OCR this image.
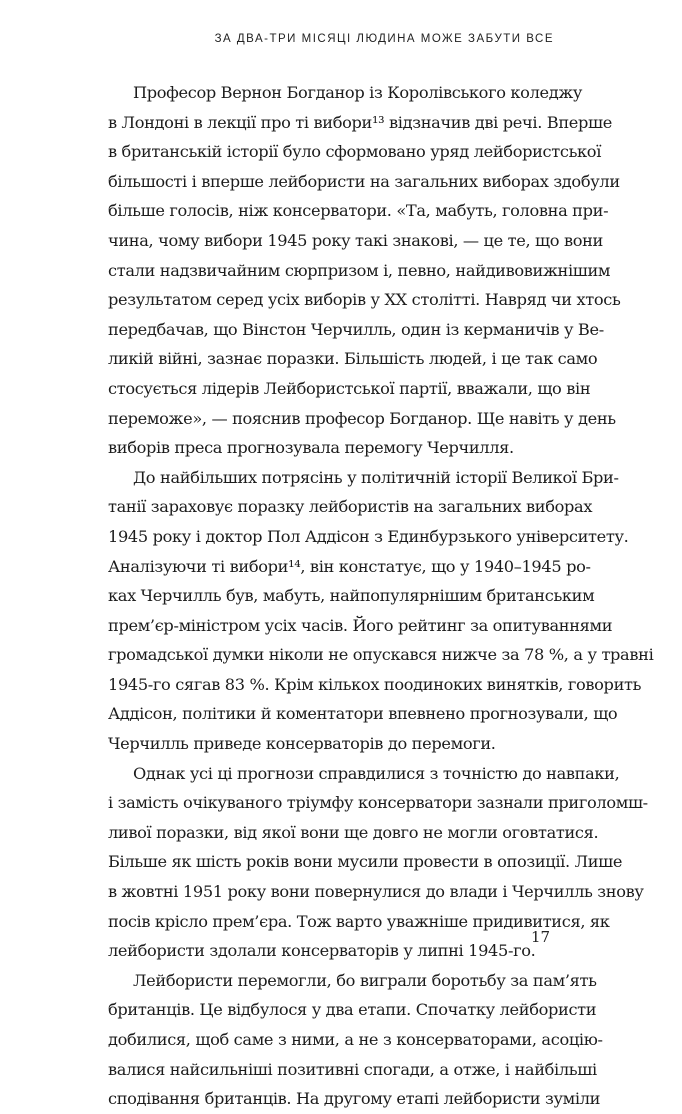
ЗА ДВА-ТРИ МІСЯЦІ ЛЮДИНА МОЖЕ ЗАБУТИ ВСЕ
Професор Вернон Богданор із Королівського коледжу
в Лондоні в лекції про ті вибори¹³ відзначив дві речі. Вперше
в британській історії було сформовано уряд лейбористської
більшості і вперше лейбористи на загальних виборах здобули
більше голосів, ніж консерватори. «Та, мабуть, головна при-
чина, чому вибори 1945 року такі знакові, — це те, що вони
стали надзвичайним сюрпризом і, певно, найдивовижнішим
результатом серед усіх виборів у XX столітті. Навряд чи хтось
передбачав, що Вінстон Черчилль, один із керманичів у Ве-
ликій війні, зазнає поразки. Більшість людей, і це так само
стосується лідерів Лейбористської партії, вважали, що він
переможе», — пояснив професор Богданор. Ще навіть у день
виборів преса прогнозувала перемогу Черчилля.
До найбільших потрясінь у політичній історії Великої Бри-
танії зараховує поразку лейбористів на загальних виборах
1945 року і доктор Пол Аддісон з Единбурзького університету.
Аналізуючи ті вибори¹⁴, він констатує, що у 1940–1945 ро-
ках Черчилль був, мабуть, найпопулярнішим британським
прем’єр-міністром усіх часів. Його рейтинг за опитуваннями
громадської думки ніколи не опускався нижче за 78 %, а у травні
1945-го сягав 83 %. Крім кількох поодиноких винятків, говорить
Аддісон, політики й коментатори впевнено прогнозували, що
Черчилль приведе консерваторів до перемоги.
Однак усі ці прогнози справдилися з точністю до навпаки,
і замість очікуваного тріумфу консерватори зазнали приголомш-
ливої поразки, від якої вони ще довго не могли оговтатися.
Більше як шість років вони мусили провести в опозиції. Лише
в жовтні 1951 року вони повернулися до влади і Черчилль знову
посів крісло прем’єра. Тож варто уважніше придивитися, як
лейбористи здолали консерваторів у липні 1945-го.
Лейбористи перемогли, бо виграли боротьбу за пам’ять
британців. Це відбулося у два етапи. Спочатку лейбористи
добилися, щоб саме з ними, а не з консерваторами, асоцію-
валися найсильніші позитивні спогади, а отже, і найбільші
сподівання британців. На другому етапі лейбористи зуміли
17
